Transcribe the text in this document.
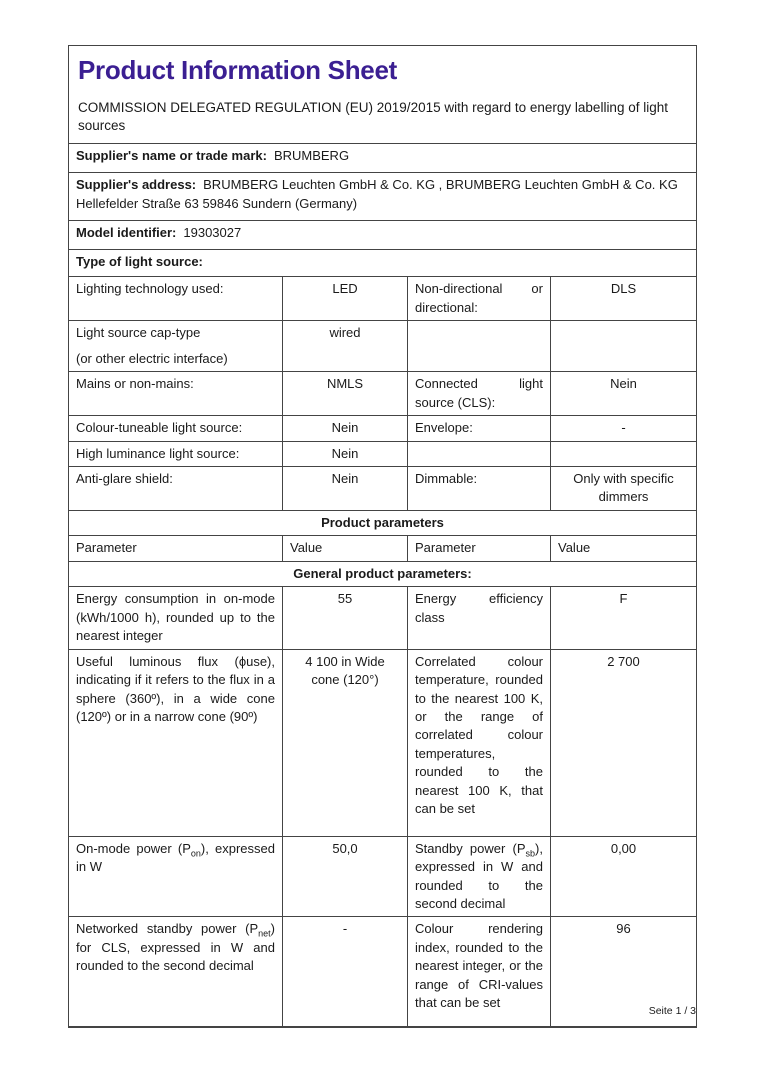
Product Information Sheet
COMMISSION DELEGATED REGULATION (EU) 2019/2015 with regard to energy labelling of light sources

Supplier's name or trade mark: BRUMBERG			
Supplier's address: BRUMBERG Leuchten GmbH & Co. KG , BRUMBERG Leuchten GmbH & Co. KG Hellefelder Straße 63 59846 Sundern (Germany)			
Model identifier: 19303027			
Type of light source:			
Lighting technology used:	LED	Non-directional or directional:	DLS

Light source cap-type
(or other electric interface)	wired		
Mains or non-mains:	NMLS	Connected light source (CLS):	Nein
Colour-tuneable light source:	Nein	Envelope:	-
High luminance light source:	Nein		
Anti-glare shield:	Nein	Dimmable:	Only with specific dimmers
Product parameters			
Parameter	Value	Parameter	Value
General product parameters:			
Energy consumption in on-mode (kWh/1000 h), rounded up to the nearest integer	55	Energy efficiency class	F
Useful luminous flux (ϕuse), indicating if it refers to the flux in a sphere (360º), in a wide cone (120º) or in a narrow cone (90º)	4 100 in Wide cone (120°)	Correlated colour temperature, rounded to the nearest 100 K, or the range of correlated colour temperatures, rounded to the nearest 100 K, that can be set	2 700
On-mode power $(P_{on})$, expressed in W	50,0	Standby power $(P_{sb})$, expressed in W and rounded to the second decimal	0,00
Networked standby power $(P_{net})$ for CLS, expressed in W and rounded to the second decimal	-	Colour rendering index, rounded to the nearest integer, or the range of CRI-values that can be set	96
Seite 1 / 3
